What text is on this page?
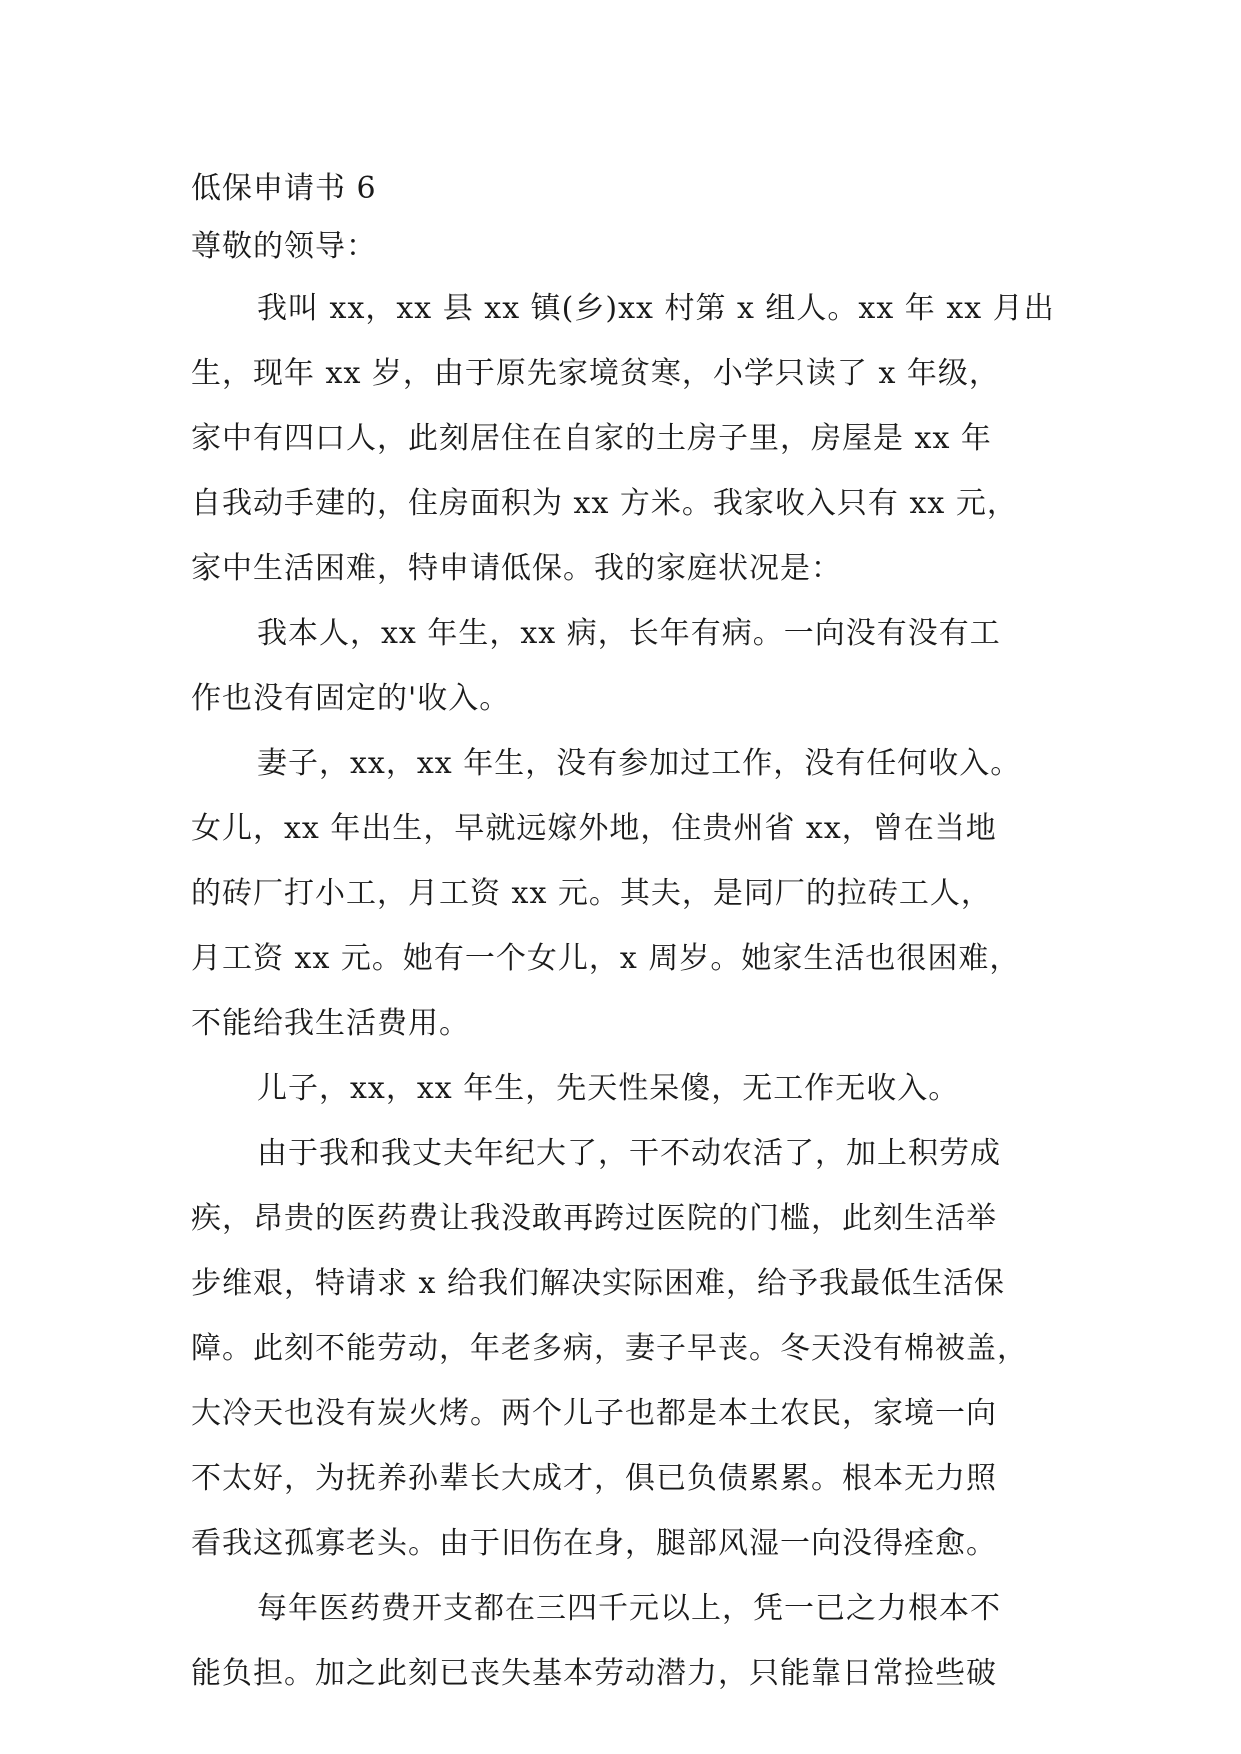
低保申请书 6
尊敬的领导：
我叫 xx，xx 县 xx 镇(乡)xx 村第 x 组人。xx 年 xx 月出
生，现年 xx 岁，由于原先家境贫寒，小学只读了 x 年级，
家中有四口人，此刻居住在自家的土房子里，房屋是 xx 年
自我动手建的，住房面积为 xx 方米。我家收入只有 xx 元，
家中生活困难，特申请低保。我的家庭状况是：
我本人，xx 年生，xx 病，长年有病。一向没有没有工
作也没有固定的'收入。
妻子，xx，xx 年生，没有参加过工作，没有任何收入。
女儿，xx 年出生，早就远嫁外地，住贵州省 xx，曾在当地
的砖厂打小工，月工资 xx 元。其夫，是同厂的拉砖工人，
月工资 xx 元。她有一个女儿，x 周岁。她家生活也很困难，
不能给我生活费用。
儿子，xx，xx 年生，先天性呆傻，无工作无收入。
由于我和我丈夫年纪大了，干不动农活了，加上积劳成
疾，昂贵的医药费让我没敢再跨过医院的门槛，此刻生活举
步维艰，特请求 x 给我们解决实际困难，给予我最低生活保
障。此刻不能劳动，年老多病，妻子早丧。冬天没有棉被盖，
大冷天也没有炭火烤。两个儿子也都是本土农民，家境一向
不太好，为抚养孙辈长大成才，俱已负债累累。根本无力照
看我这孤寡老头。由于旧伤在身，腿部风湿一向没得痊愈。
每年医药费开支都在三四千元以上，凭一已之力根本不
能负担。加之此刻已丧失基本劳动潜力，只能靠日常捡些破
